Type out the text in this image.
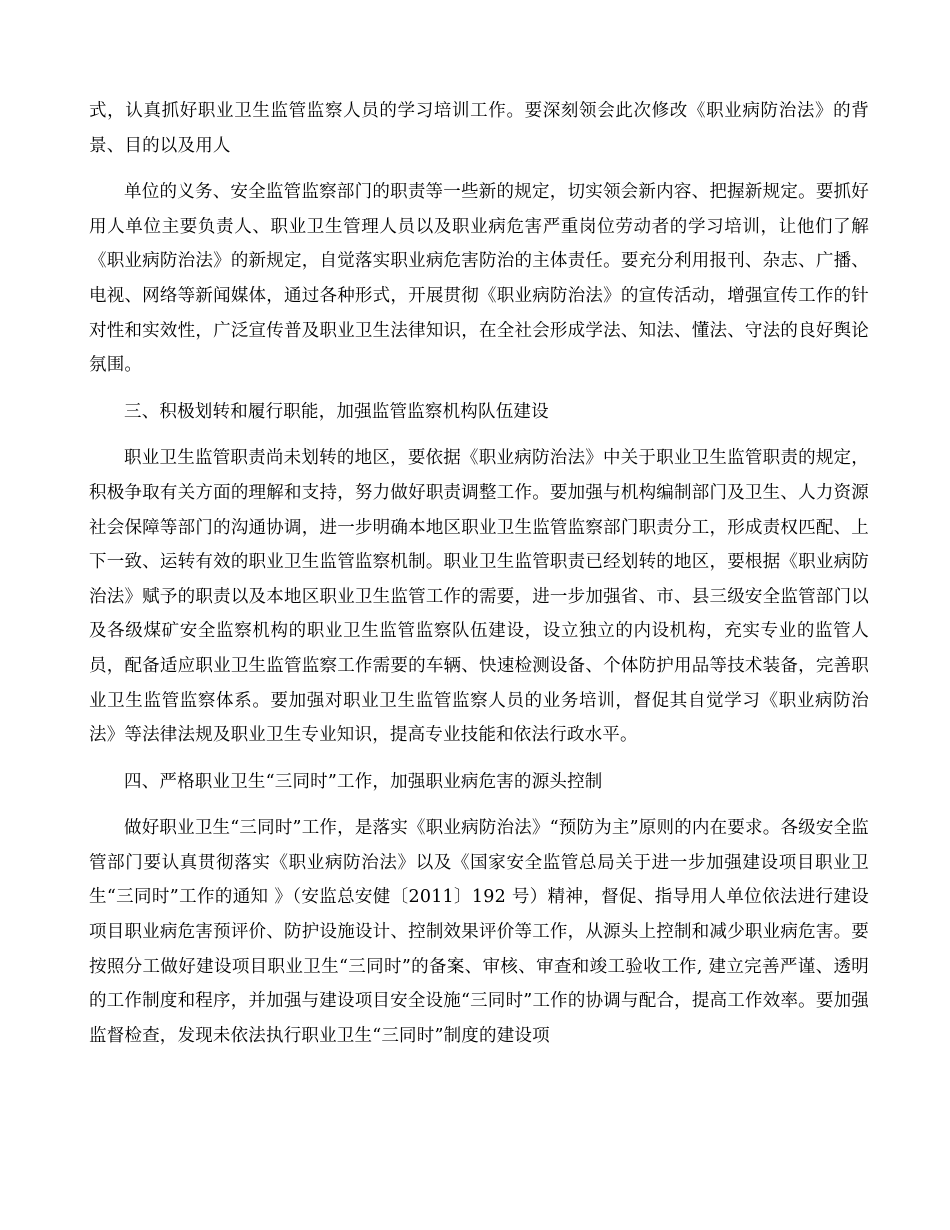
式，认真抓好职业卫生监管监察人员的学习培训工作。要深刻领会此次修改《职业病防治法》的背景、目的以及用人

单位的义务、安全监管监察部门的职责等一些新的规定，切实领会新内容、把握新规定。要抓好用人单位主要负责人、职业卫生管理人员以及职业病危害严重岗位劳动者的学习培训，让他们了解《职业病防治法》的新规定，自觉落实职业病危害防治的主体责任。要充分利用报刊、杂志、广播、电视、网络等新闻媒体，通过各种形式，开展贯彻《职业病防治法》的宣传活动，增强宣传工作的针对性和实效性，广泛宣传普及职业卫生法律知识，在全社会形成学法、知法、懂法、守法的良好舆论氛围。

三、积极划转和履行职能，加强监管监察机构队伍建设

职业卫生监管职责尚未划转的地区，要依据《职业病防治法》中关于职业卫生监管职责的规定，积极争取有关方面的理解和支持，努力做好职责调整工作。要加强与机构编制部门及卫生、人力资源社会保障等部门的沟通协调，进一步明确本地区职业卫生监管监察部门职责分工，形成责权匹配、上下一致、运转有效的职业卫生监管监察机制。职业卫生监管职责已经划转的地区，要根据《职业病防治法》赋予的职责以及本地区职业卫生监管工作的需要，进一步加强省、市、县三级安全监管部门以及各级煤矿安全监察机构的职业卫生监管监察队伍建设，设立独立的内设机构，充实专业的监管人员，配备适应职业卫生监管监察工作需要的车辆、快速检测设备、个体防护用品等技术装备，完善职业卫生监管监察体系。要加强对职业卫生监管监察人员的业务培训，督促其自觉学习《职业病防治法》等法律法规及职业卫生专业知识，提高专业技能和依法行政水平。

四、严格职业卫生“三同时”工作，加强职业病危害的源头控制

做好职业卫生“三同时”工作，是落实《职业病防治法》“预防为主”原则的内在要求。各级安全监管部门要认真贯彻落实《职业病防治法》以及《国家安全监管总局关于进一步加强建设项目职业卫生“三同时”工作的通知 》（安监总安健〔2011〕192 号）精神，督促、指导用人单位依法进行建设项目职业病危害预评价、防护设施设计、控制效果评价等工作，从源头上控制和减少职业病危害。要按照分工做好建设项目职业卫生“三同时”的备案、审核、审查和竣工验收工作, 建立完善严谨、透明的工作制度和程序，并加强与建设项目安全设施“三同时”工作的协调与配合，提高工作效率。要加强监督检查，发现未依法执行职业卫生“三同时”制度的建设项
